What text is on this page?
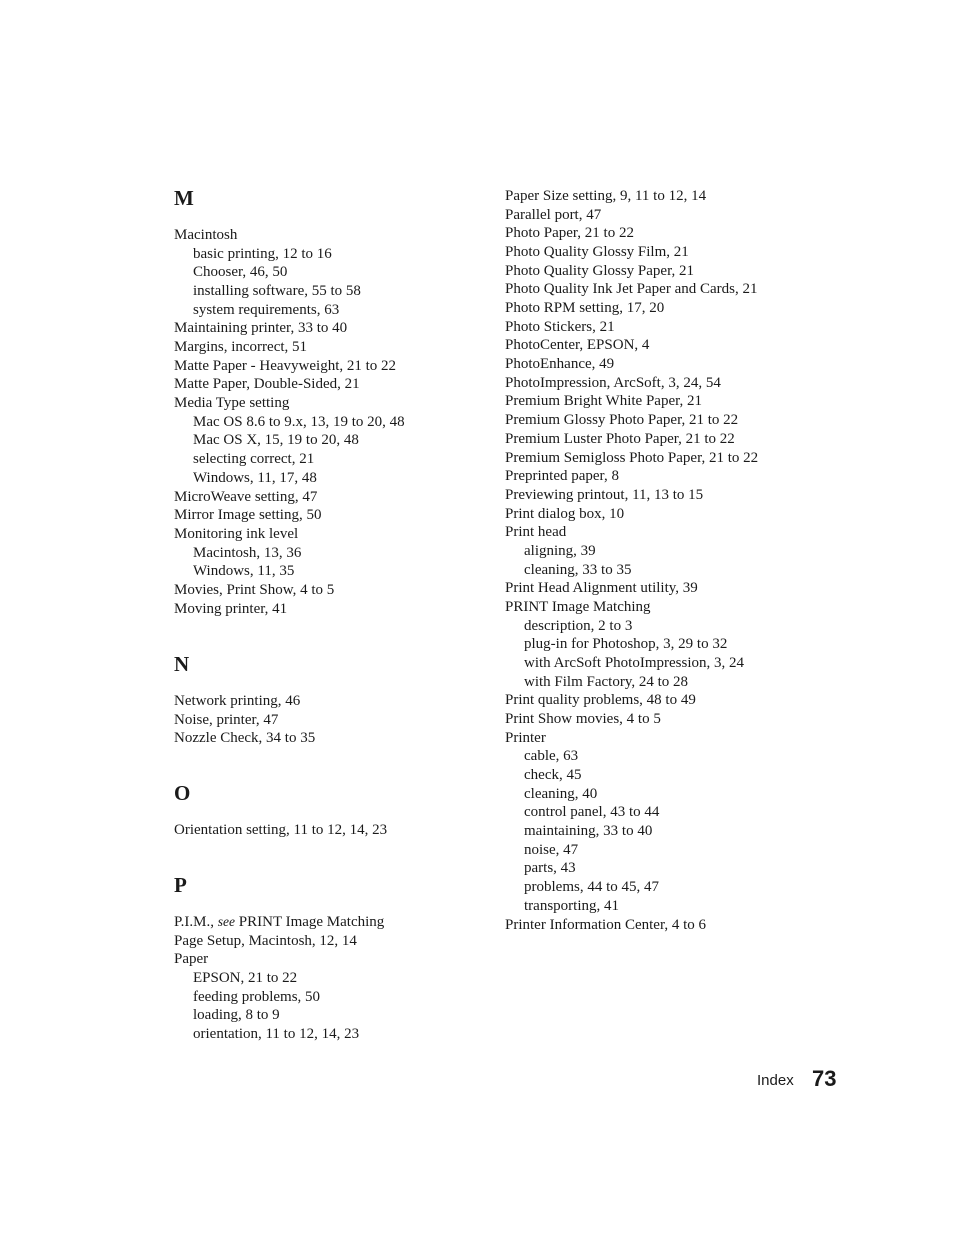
M
Macintosh
basic printing, 12 to 16
Chooser, 46, 50
installing software, 55 to 58
system requirements, 63
Maintaining printer, 33 to 40
Margins, incorrect, 51
Matte Paper - Heavyweight, 21 to 22
Matte Paper, Double-Sided, 21
Media Type setting
Mac OS 8.6 to 9.x, 13, 19 to 20, 48
Mac OS X, 15, 19 to 20, 48
selecting correct, 21
Windows, 11, 17, 48
MicroWeave setting, 47
Mirror Image setting, 50
Monitoring ink level
Macintosh, 13, 36
Windows, 11, 35
Movies, Print Show, 4 to 5
Moving printer, 41
N
Network printing, 46
Noise, printer, 47
Nozzle Check, 34 to 35
O
Orientation setting, 11 to 12, 14, 23
P
P.I.M., see PRINT Image Matching
Page Setup, Macintosh, 12, 14
Paper
EPSON, 21 to 22
feeding problems, 50
loading, 8 to 9
orientation, 11 to 12, 14, 23
Paper Size setting, 9, 11 to 12, 14
Parallel port, 47
Photo Paper, 21 to 22
Photo Quality Glossy Film, 21
Photo Quality Glossy Paper, 21
Photo Quality Ink Jet Paper and Cards, 21
Photo RPM setting, 17, 20
Photo Stickers, 21
PhotoCenter, EPSON, 4
PhotoEnhance, 49
PhotoImpression, ArcSoft, 3, 24, 54
Premium Bright White Paper, 21
Premium Glossy Photo Paper, 21 to 22
Premium Luster Photo Paper, 21 to 22
Premium Semigloss Photo Paper, 21 to 22
Preprinted paper, 8
Previewing printout, 11, 13 to 15
Print dialog box, 10
Print head
aligning, 39
cleaning, 33 to 35
Print Head Alignment utility, 39
PRINT Image Matching
description, 2 to 3
plug-in for Photoshop, 3, 29 to 32
with ArcSoft PhotoImpression, 3, 24
with Film Factory, 24 to 28
Print quality problems, 48 to 49
Print Show movies, 4 to 5
Printer
cable, 63
check, 45
cleaning, 40
control panel, 43 to 44
maintaining, 33 to 40
noise, 47
parts, 43
problems, 44 to 45, 47
transporting, 41
Printer Information Center, 4 to 6
Index 73
